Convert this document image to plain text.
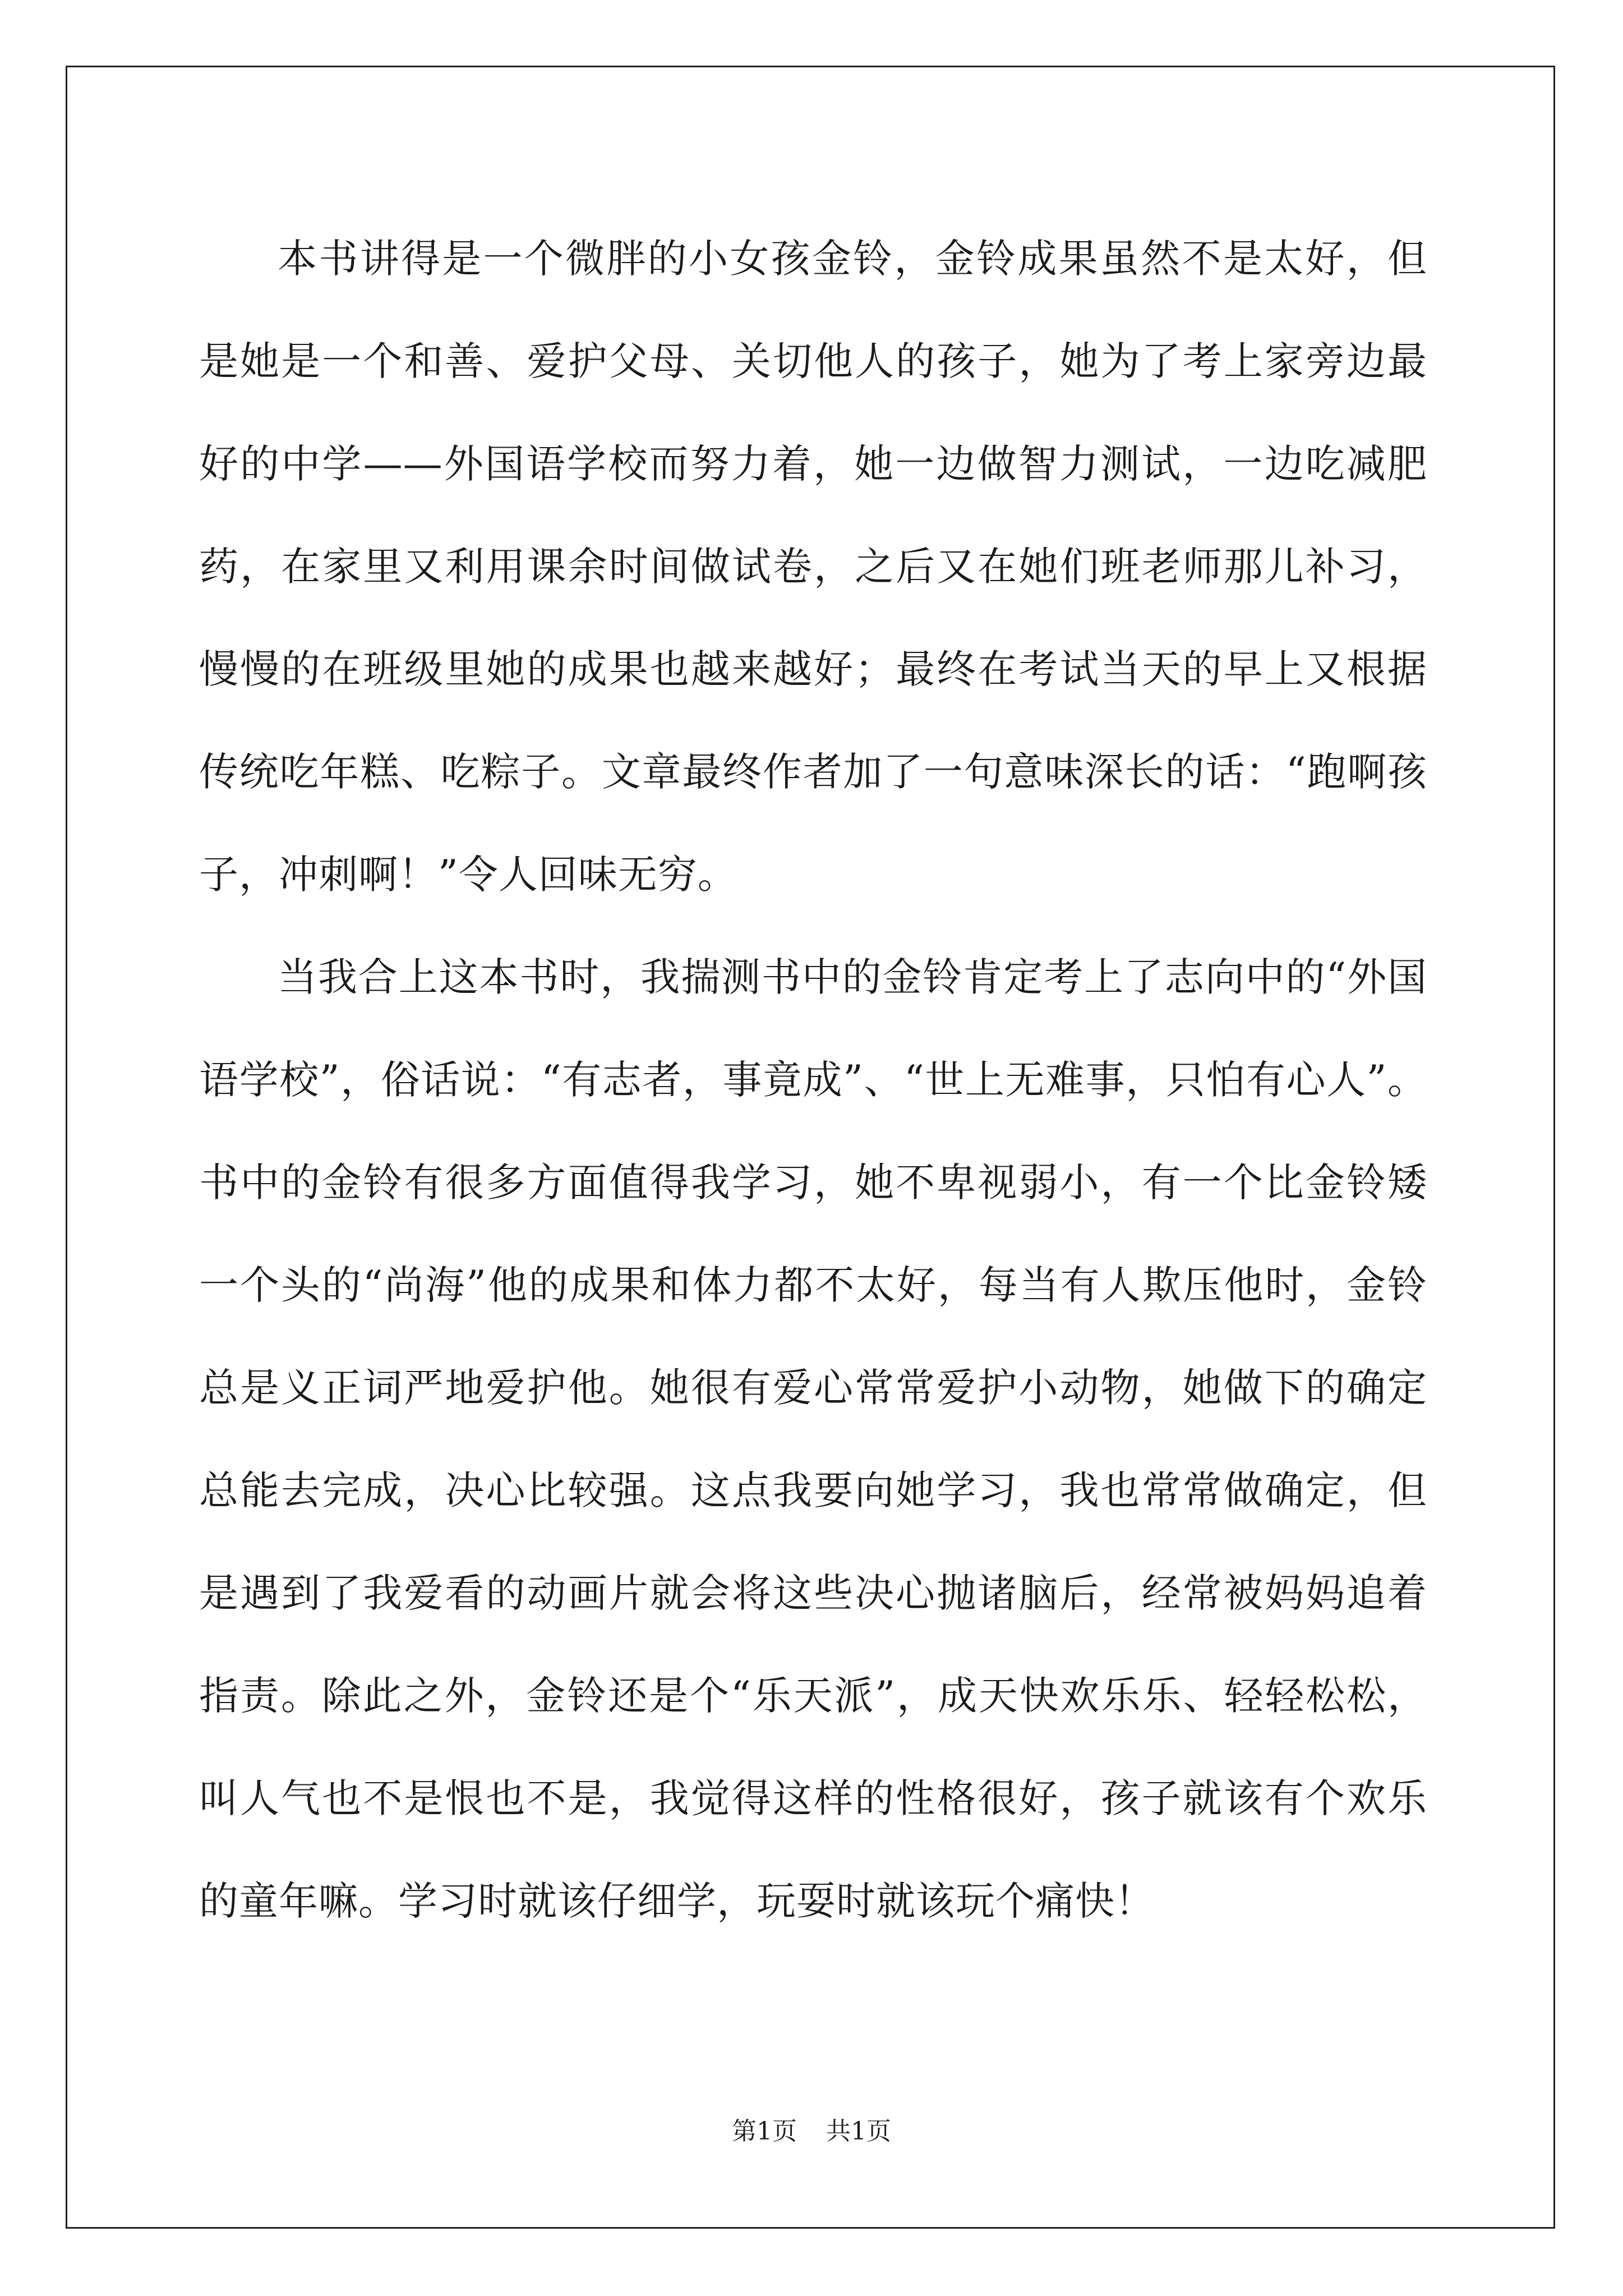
本书讲得是一个微胖的小女孩金铃，金铃成果虽然不是太好，但是她是一个和善、爱护父母、关切他人的孩子，她为了考上家旁边最好的中学——外国语学校而努力着，她一边做智力测试，一边吃减肥药，在家里又利用课余时间做试卷，之后又在她们班老师那儿补习，慢慢的在班级里她的成果也越来越好；最终在考试当天的早上又根据传统吃年糕、吃粽子。文章最终作者加了一句意味深长的话：“跑啊孩子，冲刺啊！”令人回味无穷。

当我合上这本书时，我揣测书中的金铃肯定考上了志向中的“外国语学校”，俗话说：“有志者，事竟成”、“世上无难事，只怕有心人”。书中的金铃有很多方面值得我学习，她不卑视弱小，有一个比金铃矮一个头的“尚海”他的成果和体力都不太好，每当有人欺压他时，金铃总是义正词严地爱护他。她很有爱心常常爱护小动物，她做下的确定总能去完成，决心比较强。这点我要向她学习，我也常常做确定，但是遇到了我爱看的动画片就会将这些决心抛诸脑后，经常被妈妈追着指责。除此之外，金铃还是个“乐天派”，成天快欢乐乐、轻轻松松，叫人气也不是恨也不是，我觉得这样的性格很好，孩子就该有个欢乐的童年嘛。学习时就该仔细学，玩耍时就该玩个痛快！

第1页 共1页
